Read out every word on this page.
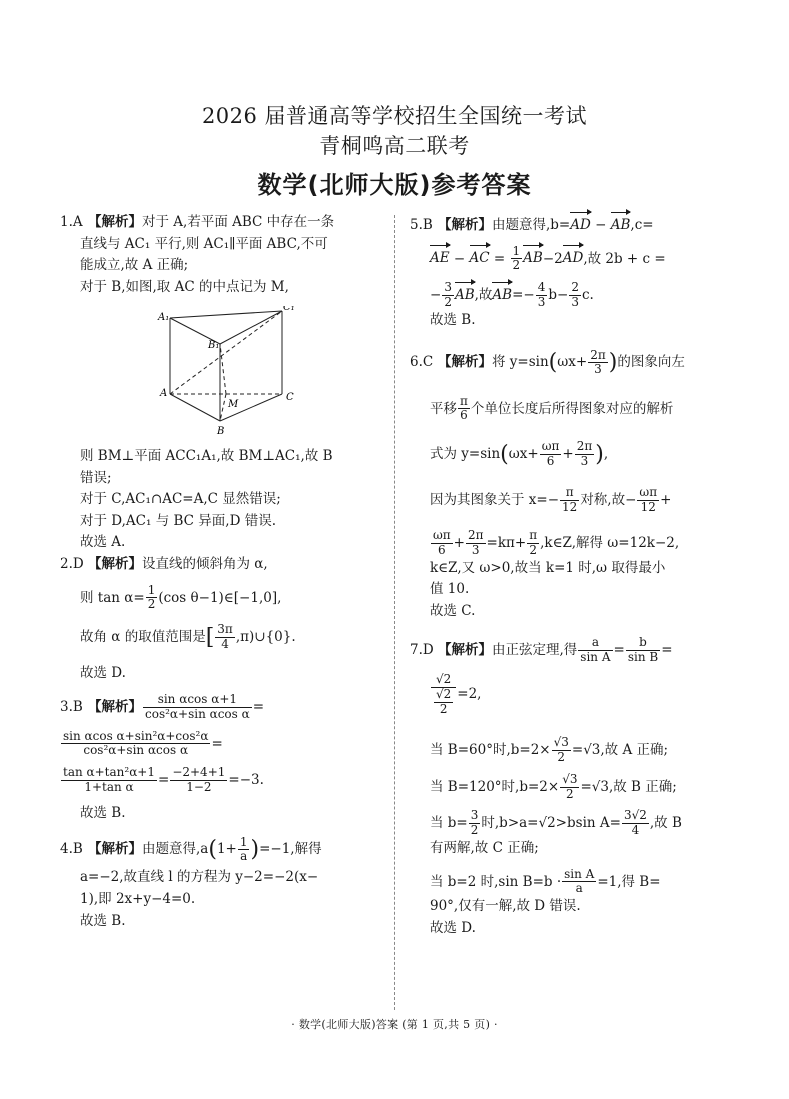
2026 届普通高等学校招生全国统一考试
青桐鸣高二联考
数学(北师大版)参考答案

1.A 【解析】对于 A,若平面 ABC 中存在一条

直线与 AC₁ 平行,则 AC₁∥平面 ABC,不可

能成立,故 A 正确;

对于 B,如图,取 AC 的中点记为 M,

A₁
C₁
B₁
A
M
C
B

则 BM⊥平面 ACC₁A₁,故 BM⊥AC₁,故 B

错误;

对于 C,AC₁∩AC=A,C 显然错误;

对于 D,AC₁ 与 BC 异面,D 错误.

故选 A.

2.D 【解析】设直线的倾斜角为 α,

则 $\tan \alpha= \frac{1}{2} (\cos$ θ−1)∈[−1,0],

故角 α 的取值范围是[ $\frac{3\pi}{4}$ ,π)∪{0}.

故选 D.

3.B 【解析】 $\frac{\text{sin αcos α+1}}{\text{cos²α+sin αcos α}}$ =

$\frac{\text{sin αcos α+sin²α+cos²α}}{\text{cos²α+sin αcos α}}$ =

$\frac{\text{tan α+tan²α+1}}{\text{1+tan α}} = \frac{-2+4+1}{1-2} =-3$.

故选 B.

4.B 【解析】由题意得$,a(1+ \frac{1}{a} )=-1$,解得

a=−2,故直线 l 的方程为 y−2=−2(x−

1),即 2x+y−4=0.

故选 B.

5.B 【解析】由题意得,b=AD − AB,c=

AE − AC = $\frac{1}{2} AB-2AD$,故 2b + c =

− $\frac{3}{2}$ AB,故$AB=- \frac{4}{3} b- \frac{2}{3} c$.

故选 B.

6.C 【解析】将 $y=\sin(\omega x+ \frac{2\pi}{3}$ )的图象向左

平移 $\frac{\pi}{6}$ 个单位长度后所得图象对应的解析

式为 $y=\sin(\omega x+ \frac{\omega\pi}{6} + \frac{2\pi}{3}$ ),

因为其图象关于 $x=- \frac{\pi}{12}$ 对称,故− $\frac{\omega\pi}{12}$ +

$\frac{\omega\pi}{6} + \frac{2\pi}{3} =k\pi+ \frac{\pi}{2}$ ,k∈Z,解得 ω=12k−2,

k∈Z,又 ω>0,故当 k=1 时,ω 取得最小

值 10.

故选 C.

7.D 【解析】由正弦定理,得 $\frac{a}{\text{sin A}} = \frac{b}{\text{sin B}}$ =

$\frac{√2}{\frac{√2}{2}} =2$,

当 B=60°时$,b=2\times \frac{√3}{2} =√3$,故 A 正确;

当 B=120°时$,b=2\times \frac{√3}{2} =√3$,故 B 正确;

当 $b= \frac{3}{2}$ 时,b>a=√2>bsin $A= \frac{3√2}{4}$ ,故 B

有两解,故 C 正确;

当 b=2 时,sin $B=b \cdot \frac{\text{sin A}}{a} =1$,得 B=

90°,仅有一解,故 D 错误.

故选 D.

· 数学(北师大版)答案 (第 1 页,共 5 页) ·
